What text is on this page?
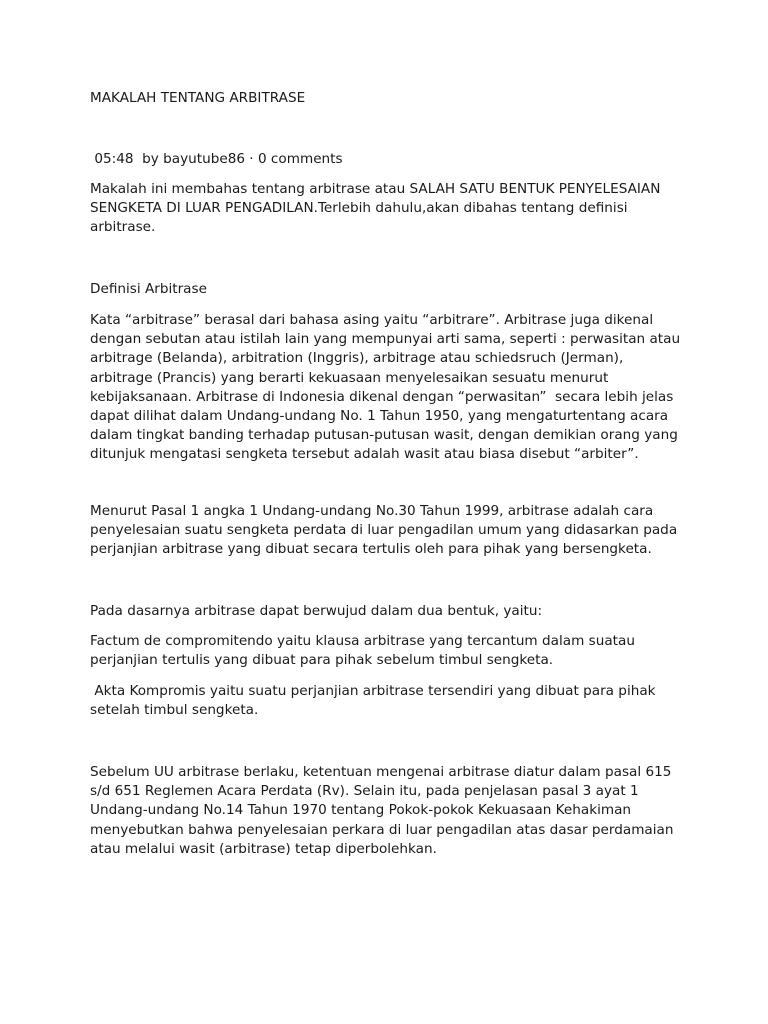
MAKALAH TENTANG ARBITRASE

05:48  by bayutube86 · 0 comments

Makalah ini membahas tentang arbitrase atau SALAH SATU BENTUK PENYELESAIAN
SENGKETA DI LUAR PENGADILAN.Terlebih dahulu,akan dibahas tentang definisi
arbitrase.

Definisi Arbitrase

Kata “arbitrase” berasal dari bahasa asing yaitu “arbitrare”. Arbitrase juga dikenal
dengan sebutan atau istilah lain yang mempunyai arti sama, seperti : perwasitan atau
arbitrage (Belanda), arbitration (Inggris), arbitrage atau schiedsruch (Jerman),
arbitrage (Prancis) yang berarti kekuasaan menyelesaikan sesuatu menurut
kebijaksanaan. Arbitrase di Indonesia dikenal dengan “perwasitan”  secara lebih jelas
dapat dilihat dalam Undang-undang No. 1 Tahun 1950, yang mengaturtentang acara
dalam tingkat banding terhadap putusan-putusan wasit, dengan demikian orang yang
ditunjuk mengatasi sengketa tersebut adalah wasit atau biasa disebut “arbiter”.

Menurut Pasal 1 angka 1 Undang-undang No.30 Tahun 1999, arbitrase adalah cara
penyelesaian suatu sengketa perdata di luar pengadilan umum yang didasarkan pada
perjanjian arbitrase yang dibuat secara tertulis oleh para pihak yang bersengketa.

Pada dasarnya arbitrase dapat berwujud dalam dua bentuk, yaitu:

Factum de compromitendo yaitu klausa arbitrase yang tercantum dalam suatau
perjanjian tertulis yang dibuat para pihak sebelum timbul sengketa.

Akta Kompromis yaitu suatu perjanjian arbitrase tersendiri yang dibuat para pihak
setelah timbul sengketa.

Sebelum UU arbitrase berlaku, ketentuan mengenai arbitrase diatur dalam pasal 615
s/d 651 Reglemen Acara Perdata (Rv). Selain itu, pada penjelasan pasal 3 ayat 1
Undang-undang No.14 Tahun 1970 tentang Pokok-pokok Kekuasaan Kehakiman
menyebutkan bahwa penyelesaian perkara di luar pengadilan atas dasar perdamaian
atau melalui wasit (arbitrase) tetap diperbolehkan.
